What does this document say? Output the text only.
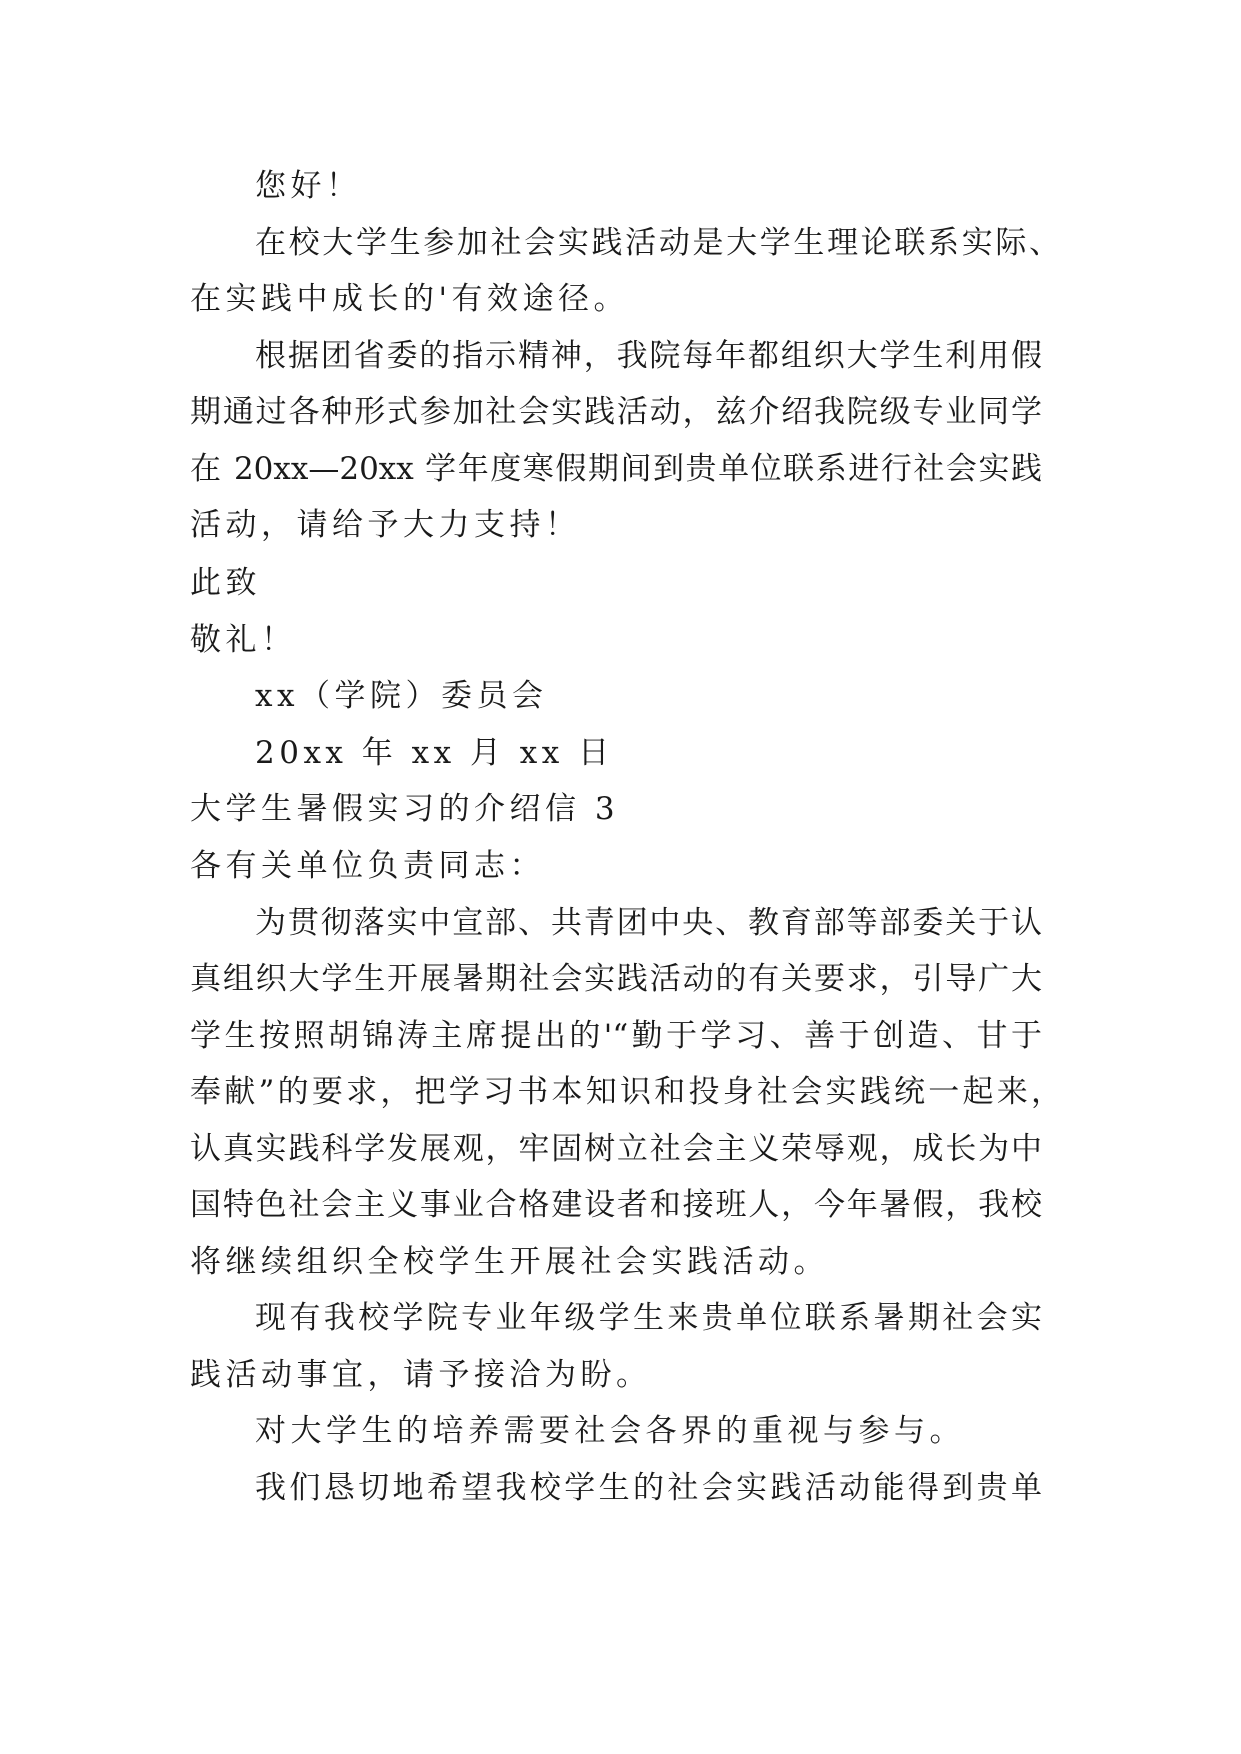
您好！

在校大学生参加社会实践活动是大学生理论联系实际、

在实践中成长的'有效途径。

根据团省委的指示精神，我院每年都组织大学生利用假

期通过各种形式参加社会实践活动，兹介绍我院级专业同学

在 20xx—20xx 学年度寒假期间到贵单位联系进行社会实践

活动，请给予大力支持！

此致

敬礼！

xx（学院）委员会

20xx 年 xx 月 xx 日

大学生暑假实习的介绍信 3

各有关单位负责同志：

为贯彻落实中宣部、共青团中央、教育部等部委关于认

真组织大学生开展暑期社会实践活动的有关要求，引导广大

学生按照胡锦涛主席提出的'“勤于学习、善于创造、甘于

奉献”的要求，把学习书本知识和投身社会实践统一起来，

认真实践科学发展观，牢固树立社会主义荣辱观，成长为中

国特色社会主义事业合格建设者和接班人，今年暑假，我校

将继续组织全校学生开展社会实践活动。

现有我校学院专业年级学生来贵单位联系暑期社会实

践活动事宜，请予接洽为盼。

对大学生的培养需要社会各界的重视与参与。

我们恳切地希望我校学生的社会实践活动能得到贵单
